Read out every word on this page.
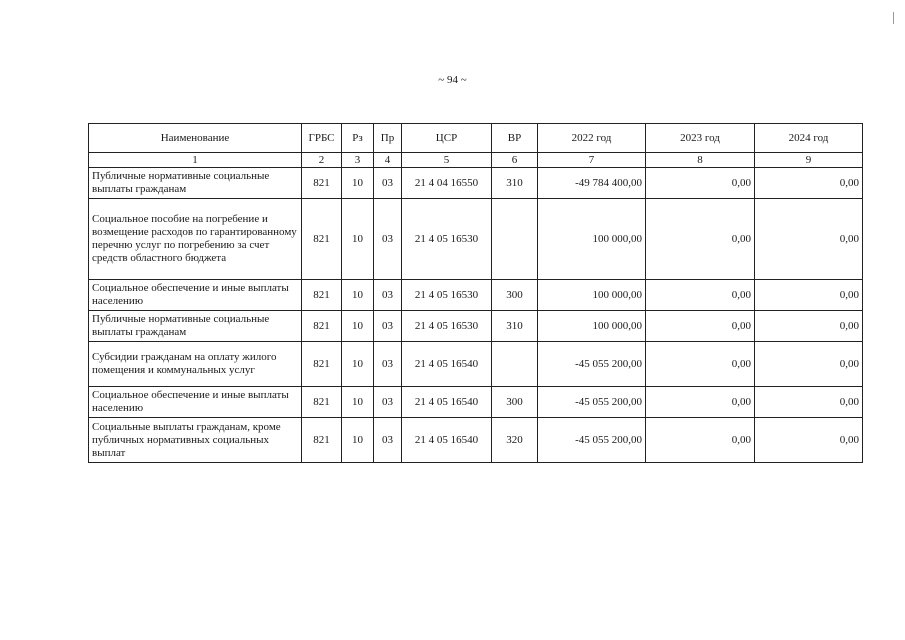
~ 94 ~
Наименование	ГРБС	Рз	Пр	ЦСР	ВР	2022 год	2023 год	2024 год
1	2	3	4	5	6	7	8	9
Публичные нормативные социальные выплаты гражданам	821	10	03	21 4 04 16550	310	-49 784 400,00	0,00	0,00
Социальное пособие на погребение и возмещение расходов по гарантированному перечню услуг по погребению за счет средств областного бюджета	821	10	03	21 4 05 16530		100 000,00	0,00	0,00
Социальное обеспечение и иные выплаты населению	821	10	03	21 4 05 16530	300	100 000,00	0,00	0,00
Публичные нормативные социальные выплаты гражданам	821	10	03	21 4 05 16530	310	100 000,00	0,00	0,00
Субсидии гражданам на оплату жилого помещения и коммунальных услуг	821	10	03	21 4 05 16540		-45 055 200,00	0,00	0,00
Социальное обеспечение и иные выплаты населению	821	10	03	21 4 05 16540	300	-45 055 200,00	0,00	0,00
Социальные выплаты гражданам, кроме публичных нормативных социальных выплат	821	10	03	21 4 05 16540	320	-45 055 200,00	0,00	0,00
